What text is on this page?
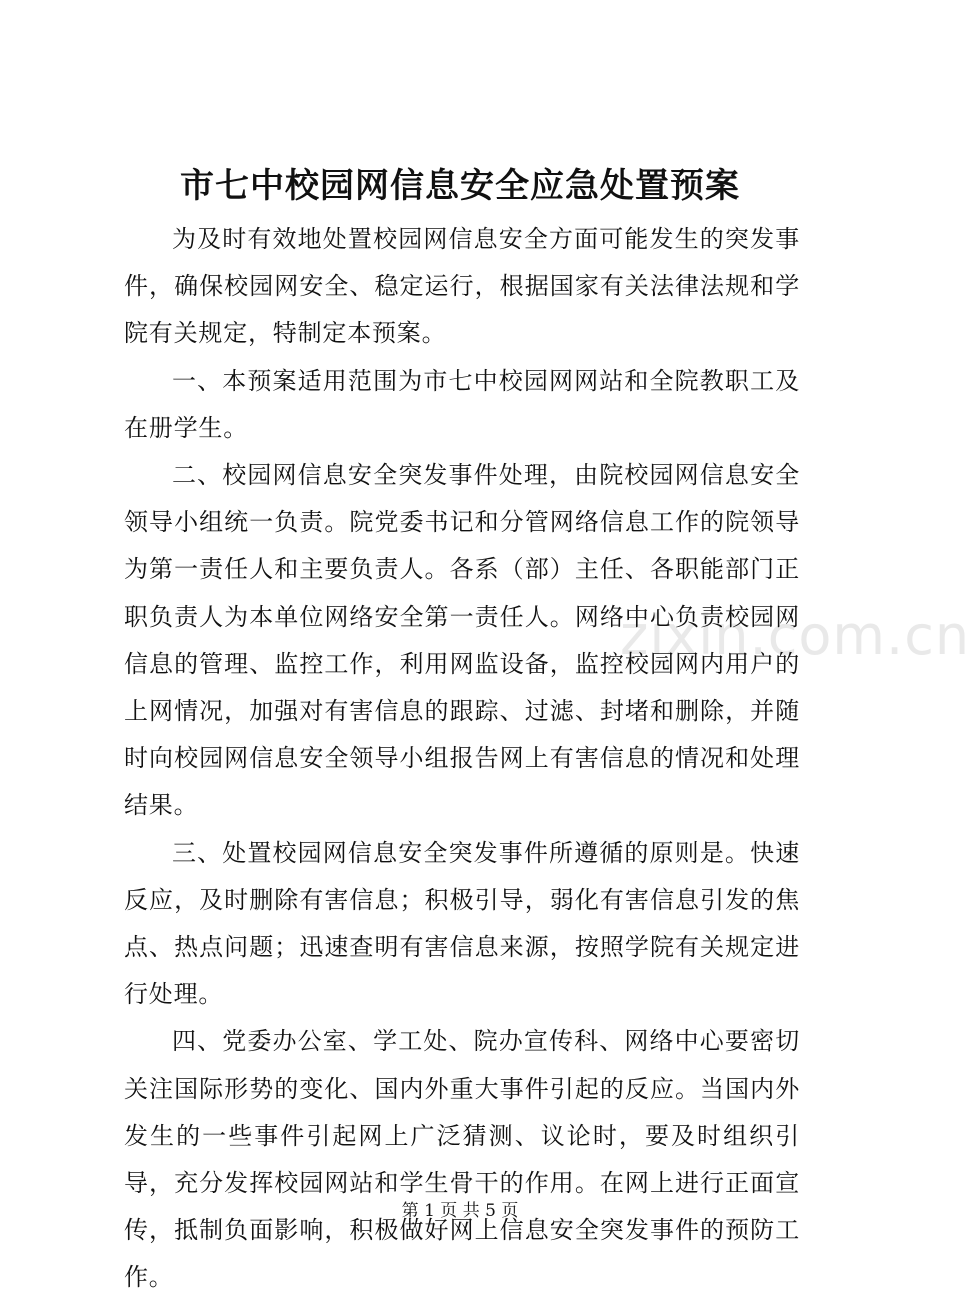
市七中校园网信息安全应急处置预案
zixin.com.cn

为及时有效地处置校园网信息安全方面可能发生的突发事件，确保校园网安全、稳定运行，根据国家有关法律法规和学院有关规定，特制定本预案。

一、本预案适用范围为市七中校园网网站和全院教职工及在册学生。

二、校园网信息安全突发事件处理，由院校园网信息安全领导小组统一负责。院党委书记和分管网络信息工作的院领导为第一责任人和主要负责人。各系（部）主任、各职能部门正职负责人为本单位网络安全第一责任人。网络中心负责校园网信息的管理、监控工作，利用网监设备，监控校园网内用户的上网情况，加强对有害信息的跟踪、过滤、封堵和删除，并随时向校园网信息安全领导小组报告网上有害信息的情况和处理结果。

三、处置校园网信息安全突发事件所遵循的原则是。快速反应，及时删除有害信息；积极引导，弱化有害信息引发的焦点、热点问题；迅速查明有害信息来源，按照学院有关规定进行处理。

四、党委办公室、学工处、院办宣传科、网络中心要密切关注国际形势的变化、国内外重大事件引起的反应。当国内外发生的一些事件引起网上广泛猜测、议论时，要及时组织引导，充分发挥校园网站和学生骨干的作用。在网上进行正面宣传，抵制负面影响，积极做好网上信息安全突发事件的预防工作。

第 1 页 共 5 页
